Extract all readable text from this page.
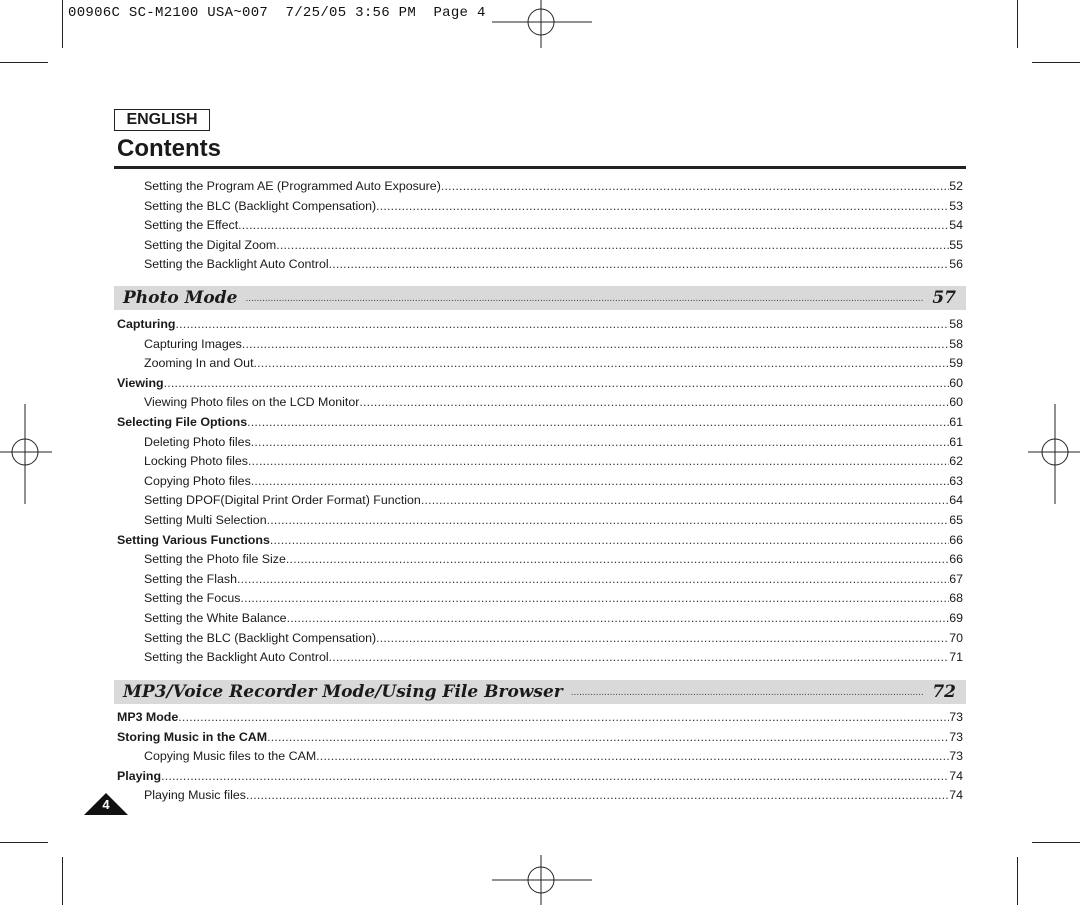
00906C SC-M2100 USA~007  7/25/05 3:56 PM  Page 4
ENGLISH
Contents
Setting the Program AE (Programmed Auto Exposure) .....	52
Setting the BLC (Backlight Compensation) .....	53
Setting the Effect .....	54
Setting the Digital Zoom .....	55
Setting the Backlight Auto Control .....	56
Photo Mode .....	57
Capturing .....	58
Capturing Images .....	58
Zooming In and Out .....	59
Viewing .....	60
Viewing Photo files on the LCD Monitor .....	60
Selecting File Options .....	61
Deleting Photo files .....	61
Locking Photo files .....	62
Copying Photo files .....	63
Setting DPOF(Digital Print Order Format) Function .....	64
Setting Multi Selection .....	65
Setting Various Functions .....	66
Setting the Photo file Size .....	66
Setting the Flash .....	67
Setting the Focus .....	68
Setting the White Balance .....	69
Setting the BLC (Backlight Compensation) .....	70
Setting the Backlight Auto Control .....	71
MP3/Voice Recorder Mode/Using File Browser .....	72
MP3 Mode .....	73
Storing Music in the CAM .....	73
Copying Music files to the CAM .....	73
Playing .....	74
Playing Music files .....	74
4
